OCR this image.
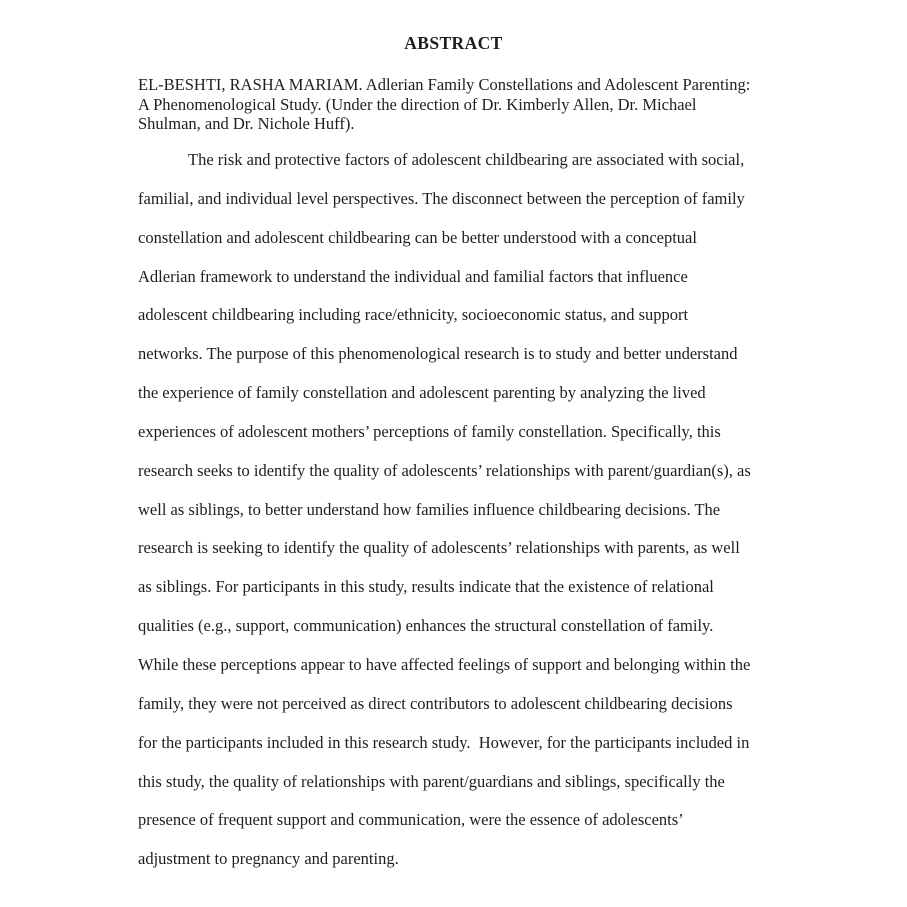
ABSTRACT
EL-BESHTI, RASHA MARIAM. Adlerian Family Constellations and Adolescent Parenting:
A Phenomenological Study. (Under the direction of Dr. Kimberly Allen, Dr. Michael
Shulman, and Dr. Nichole Huff).
The risk and protective factors of adolescent childbearing are associated with social,
familial, and individual level perspectives. The disconnect between the perception of family
constellation and adolescent childbearing can be better understood with a conceptual
Adlerian framework to understand the individual and familial factors that influence
adolescent childbearing including race/ethnicity, socioeconomic status, and support
networks. The purpose of this phenomenological research is to study and better understand
the experience of family constellation and adolescent parenting by analyzing the lived
experiences of adolescent mothers’ perceptions of family constellation. Specifically, this
research seeks to identify the quality of adolescents’ relationships with parent/guardian(s), as
well as siblings, to better understand how families influence childbearing decisions. The
research is seeking to identify the quality of adolescents’ relationships with parents, as well
as siblings. For participants in this study, results indicate that the existence of relational
qualities (e.g., support, communication) enhances the structural constellation of family.
While these perceptions appear to have affected feelings of support and belonging within the
family, they were not perceived as direct contributors to adolescent childbearing decisions
for the participants included in this research study.  However, for the participants included in
this study, the quality of relationships with parent/guardians and siblings, specifically the
presence of frequent support and communication, were the essence of adolescents’
adjustment to pregnancy and parenting.
